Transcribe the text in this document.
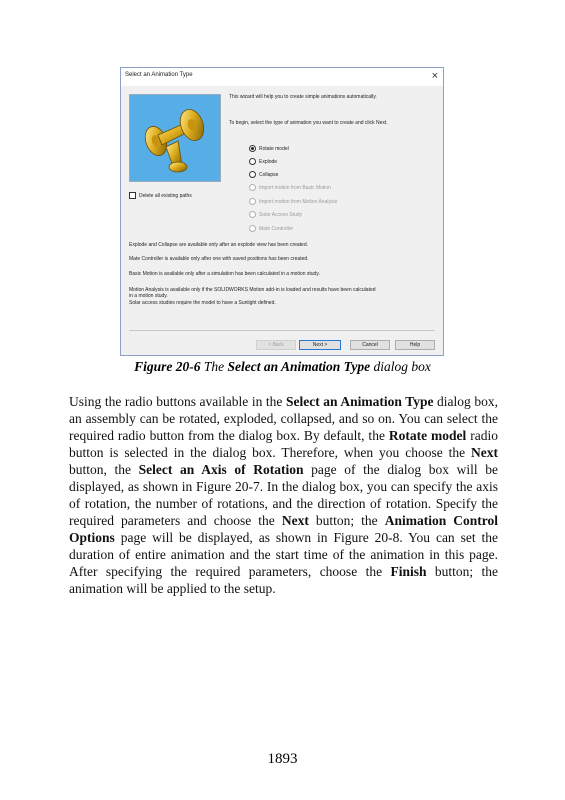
Select an Animation Type	×
Delete all existing paths
This wizard will help you to create simple animations automatically.
To begin, select the type of animation you want to create and click Next.
Rotate model
Explode
Collapse
Import motion from Basic Motion
Import motion from Motion Analysis
Solar Access Study
Mate Controller
Explode and Collapse are available only after an explode view has been created.
Mate Controller is available only after one with saved positions has been created.
Basic Motion is available only after a simulation has been calculated in a motion study.
Motion Analysis is available only if the SOLIDWORKS Motion add-in is loaded and results have been calculated
in a motion study.
Solar access studies require the model to have a Sunlight defined.
< Back	Next >	Cancel	Help
Figure 20-6 The Select an Animation Type dialog box

Using the radio buttons available in the Select an Animation Type dialog box, an assembly can be rotated, exploded, collapsed, and so on. You can select the required radio button from the dialog box. By default, the Rotate model radio button is selected in the dialog box. Therefore, when you choose the Next button, the Select an Axis of Rotation page of the dialog box will be displayed, as shown in Figure 20-7. In the dialog box, you can specify the axis of rotation, the number of rotations, and the direction of rotation. Specify the required parameters and choose the Next button; the Animation Control Options page will be displayed, as shown in Figure 20-8. You can set the duration of entire animation and the start time of the animation in this page. After specifying the required parameters, choose the Finish button; the animation will be applied to the setup.

1893
